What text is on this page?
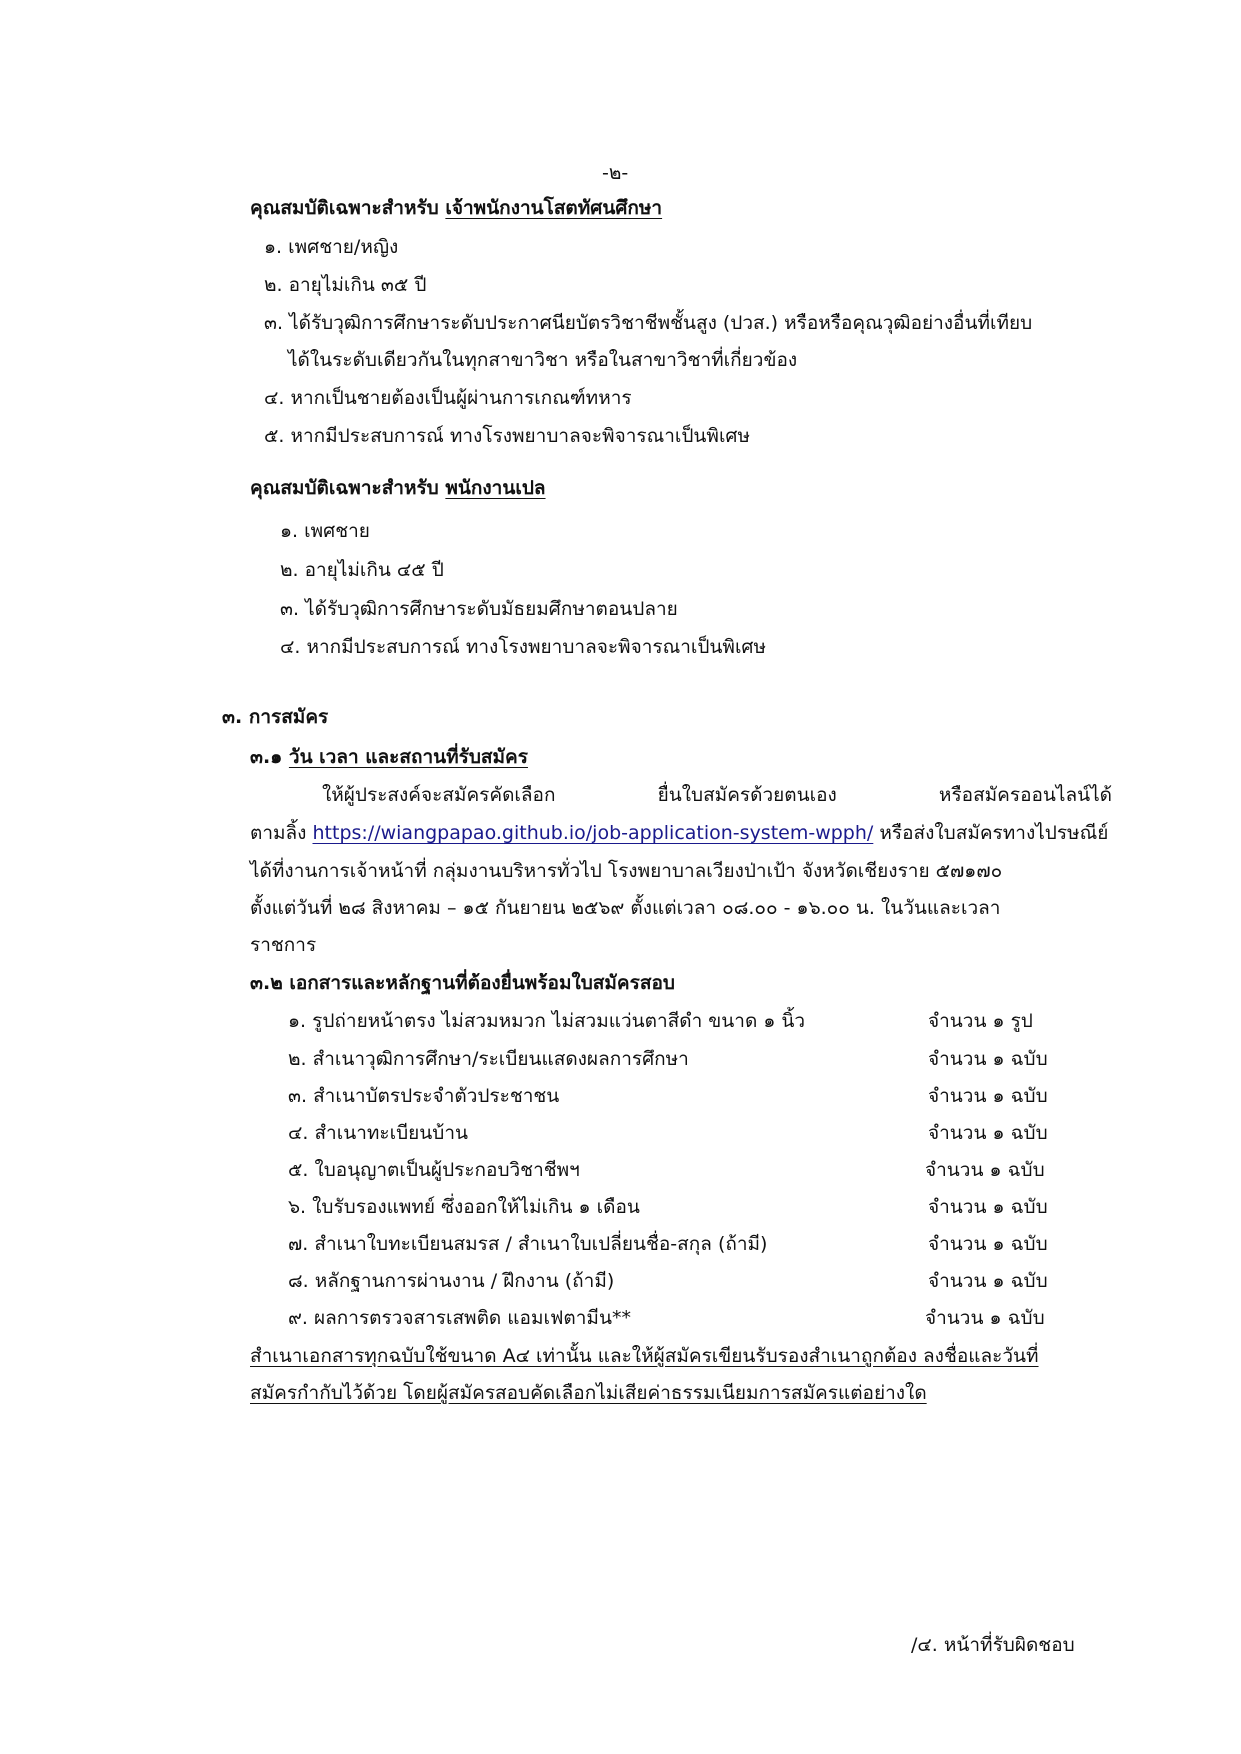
-๒-
คุณสมบัติเฉพาะสำหรับ เจ้าพนักงานโสตทัศนศึกษา
๑. เพศชาย/หญิง
๒. อายุไม่เกิน ๓๕ ปี
๓. ได้รับวุฒิการศึกษาระดับประกาศนียบัตรวิชาชีพชั้นสูง (ปวส.) หรือหรือคุณวุฒิอย่างอื่นที่เทียบ
ได้ในระดับเดียวกันในทุกสาขาวิชา หรือในสาขาวิชาที่เกี่ยวข้อง
๔. หากเป็นชายต้องเป็นผู้ผ่านการเกณฑ์ทหาร
๕. หากมีประสบการณ์ ทางโรงพยาบาลจะพิจารณาเป็นพิเศษ
คุณสมบัติเฉพาะสำหรับ พนักงานเปล
๑. เพศชาย
๒. อายุไม่เกิน ๔๕ ปี
๓. ได้รับวุฒิการศึกษาระดับมัธยมศึกษาตอนปลาย
๔. หากมีประสบการณ์ ทางโรงพยาบาลจะพิจารณาเป็นพิเศษ
๓. การสมัคร
๓.๑ วัน เวลา และสถานที่รับสมัคร
ให้ผู้ประสงค์จะสมัครคัดเลือก ยื่นใบสมัครด้วยตนเอง หรือสมัครออนไลน์ได้
ตามลิ้ง https://wiangpapao.github.io/job-application-system-wpph/ หรือส่งใบสมัครทางไปรษณีย์
ได้ที่งานการเจ้าหน้าที่ กลุ่มงานบริหารทั่วไป โรงพยาบาลเวียงป่าเป้า จังหวัดเชียงราย ๕๗๑๗๐
ตั้งแต่วันที่ ๒๘ สิงหาคม – ๑๕ กันยายน ๒๕๖๙ ตั้งแต่เวลา ๐๘.๐๐ - ๑๖.๐๐ น. ในวันและเวลา
ราชการ
๓.๒ เอกสารและหลักฐานที่ต้องยื่นพร้อมใบสมัครสอบ
๑. รูปถ่ายหน้าตรง ไม่สวมหมวก ไม่สวมแว่นตาสีดำ ขนาด ๑ นิ้ว	จำนวน ๑ รูป
๒. สำเนาวุฒิการศึกษา/ระเบียนแสดงผลการศึกษา	จำนวน ๑ ฉบับ
๓. สำเนาบัตรประจำตัวประชาชน	จำนวน ๑ ฉบับ
๔. สำเนาทะเบียนบ้าน	จำนวน ๑ ฉบับ
๕. ใบอนุญาตเป็นผู้ประกอบวิชาชีพฯ	จำนวน ๑ ฉบับ
๖. ใบรับรองแพทย์ ซึ่งออกให้ไม่เกิน ๑ เดือน	จำนวน ๑ ฉบับ
๗. สำเนาใบทะเบียนสมรส / สำเนาใบเปลี่ยนชื่อ-สกุล (ถ้ามี)	จำนวน ๑ ฉบับ
๘. หลักฐานการผ่านงาน / ฝึกงาน (ถ้ามี)	จำนวน ๑ ฉบับ
๙. ผลการตรวจสารเสพติด แอมเฟตามีน**	จำนวน ๑ ฉบับ
สำเนาเอกสารทุกฉบับใช้ขนาด A๔ เท่านั้น และให้ผู้สมัครเขียนรับรองสำเนาถูกต้อง ลงชื่อและวันที่
สมัครกำกับไว้ด้วย โดยผู้สมัครสอบคัดเลือกไม่เสียค่าธรรมเนียมการสมัครแต่อย่างใด
/๔. หน้าที่รับผิดชอบ
